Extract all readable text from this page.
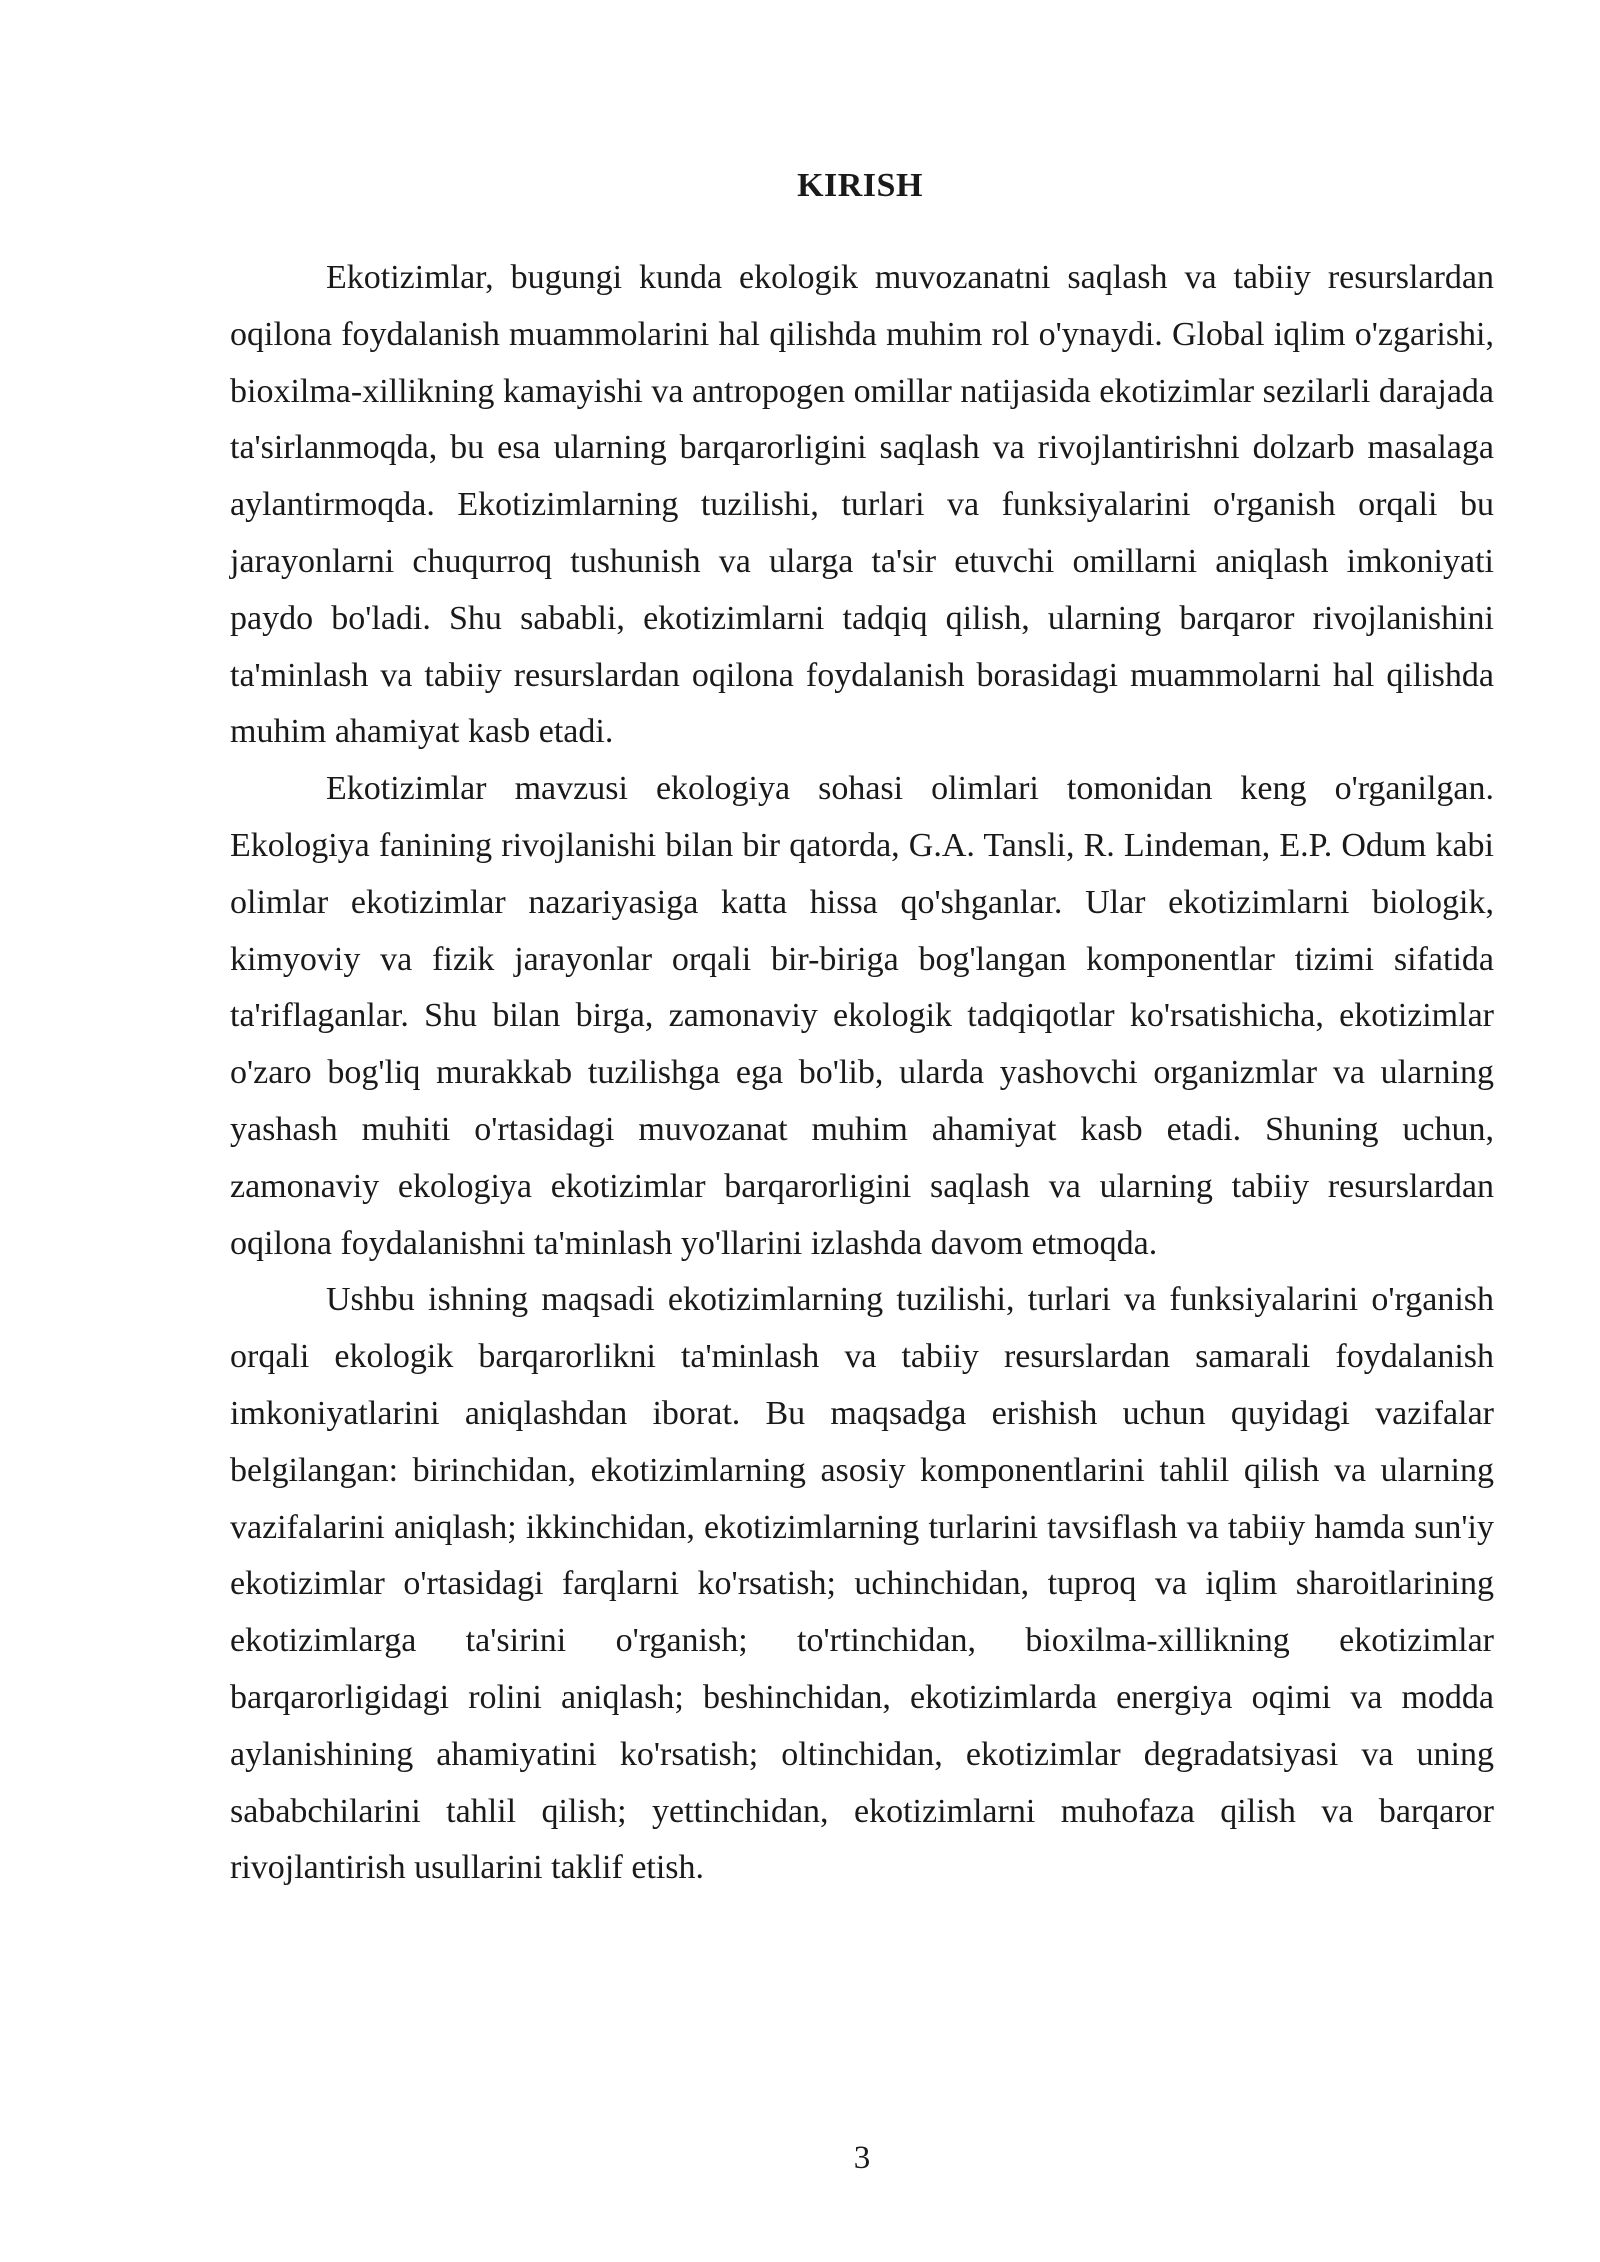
KIRISH

Ekotizimlar, bugungi kunda ekologik muvozanatni saqlash va tabiiy resurslardan oqilona foydalanish muammolarini hal qilishda muhim rol o'ynaydi. Global iqlim o'zgarishi, bioxilma-xillikning kamayishi va antropogen omillar natijasida ekotizimlar sezilarli darajada ta'sirlanmoqda, bu esa ularning barqarorligini saqlash va rivojlantirishni dolzarb masalaga aylantirmoqda. Ekotizimlarning tuzilishi, turlari va funksiyalarini o'rganish orqali bu jarayonlarni chuqurroq tushunish va ularga ta'sir etuvchi omillarni aniqlash imkoniyati paydo bo'ladi. Shu sababli, ekotizimlarni tadqiq qilish, ularning barqaror rivojlanishini ta'minlash va tabiiy resurslardan oqilona foydalanish borasidagi muammolarni hal qilishda muhim ahamiyat kasb etadi.

Ekotizimlar mavzusi ekologiya sohasi olimlari tomonidan keng o'rganilgan. Ekologiya fanining rivojlanishi bilan bir qatorda, G.A. Tansli, R. Lindeman, E.P. Odum kabi olimlar ekotizimlar nazariyasiga katta hissa qo'shganlar. Ular ekotizimlarni biologik, kimyoviy va fizik jarayonlar orqali bir-biriga bog'langan komponentlar tizimi sifatida ta'riflaganlar. Shu bilan birga, zamonaviy ekologik tadqiqotlar ko'rsatishicha, ekotizimlar o'zaro bog'liq murakkab tuzilishga ega bo'lib, ularda yashovchi organizmlar va ularning yashash muhiti o'rtasidagi muvozanat muhim ahamiyat kasb etadi. Shuning uchun, zamonaviy ekologiya ekotizimlar barqarorligini saqlash va ularning tabiiy resurslardan oqilona foydalanishni ta'minlash yo'llarini izlashda davom etmoqda.

Ushbu ishning maqsadi ekotizimlarning tuzilishi, turlari va funksiyalarini o'rganish orqali ekologik barqarorlikni ta'minlash va tabiiy resurslardan samarali foydalanish imkoniyatlarini aniqlashdan iborat. Bu maqsadga erishish uchun quyidagi vazifalar belgilangan: birinchidan, ekotizimlarning asosiy komponentlarini tahlil qilish va ularning vazifalarini aniqlash; ikkinchidan, ekotizimlarning turlarini tavsiflash va tabiiy hamda sun'iy ekotizimlar o'rtasidagi farqlarni ko'rsatish; uchinchidan, tuproq va iqlim sharoitlarining ekotizimlarga ta'sirini o'rganish; to'rtinchidan, bioxilma-xillikning ekotizimlar barqarorligidagi rolini aniqlash; beshinchidan, ekotizimlarda energiya oqimi va modda aylanishining ahamiyatini ko'rsatish; oltinchidan, ekotizimlar degradatsiyasi va uning sababchilarini tahlil qilish; yettinchidan, ekotizimlarni muhofaza qilish va barqaror rivojlantirish usullarini taklif etish.

3
